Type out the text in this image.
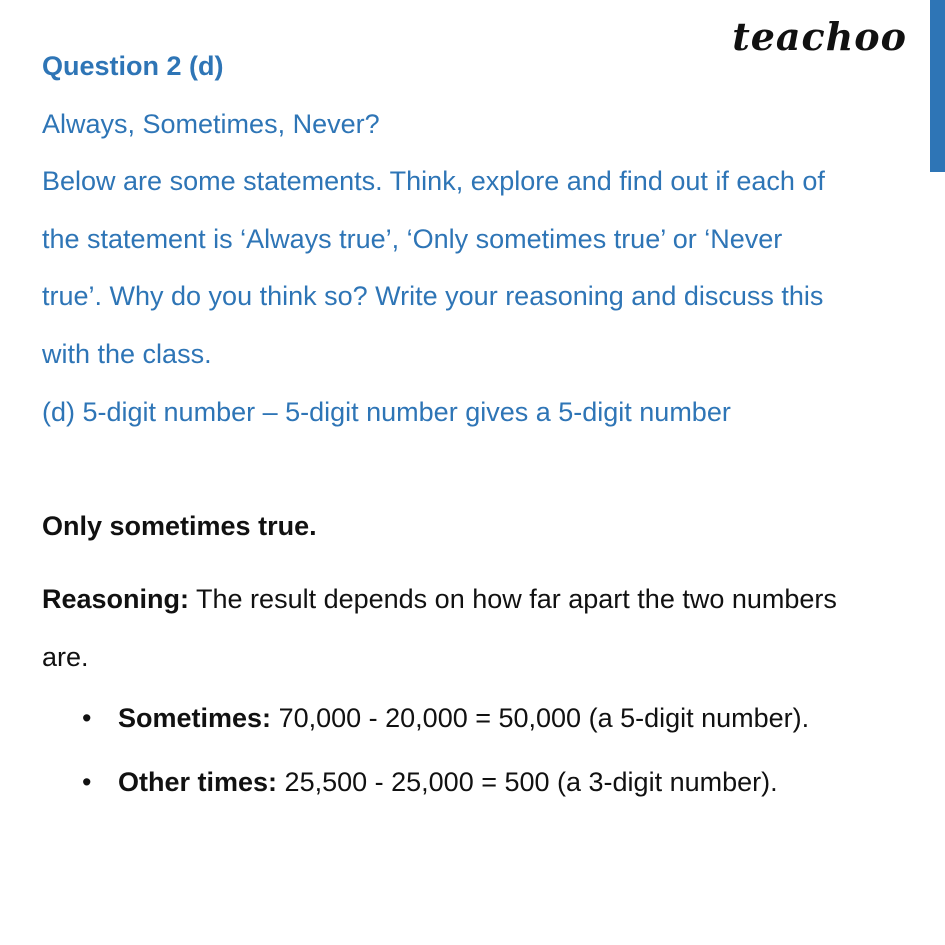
teachoo

Question 2 (d)

Always, Sometimes, Never?

Below are some statements. Think, explore and find out if each of

the statement is ‘Always true’, ‘Only sometimes true’ or ‘Never

true’. Why do you think so? Write your reasoning and discuss this

with the class.

(d) 5-digit number – 5-digit number gives a 5-digit number

Only sometimes true.

Reasoning: The result depends on how far apart the two numbers
are.

• Sometimes: 70,000 - 20,000 = 50,000 (a 5-digit number).
• Other times: 25,500 - 25,000 = 500 (a 3-digit number).
